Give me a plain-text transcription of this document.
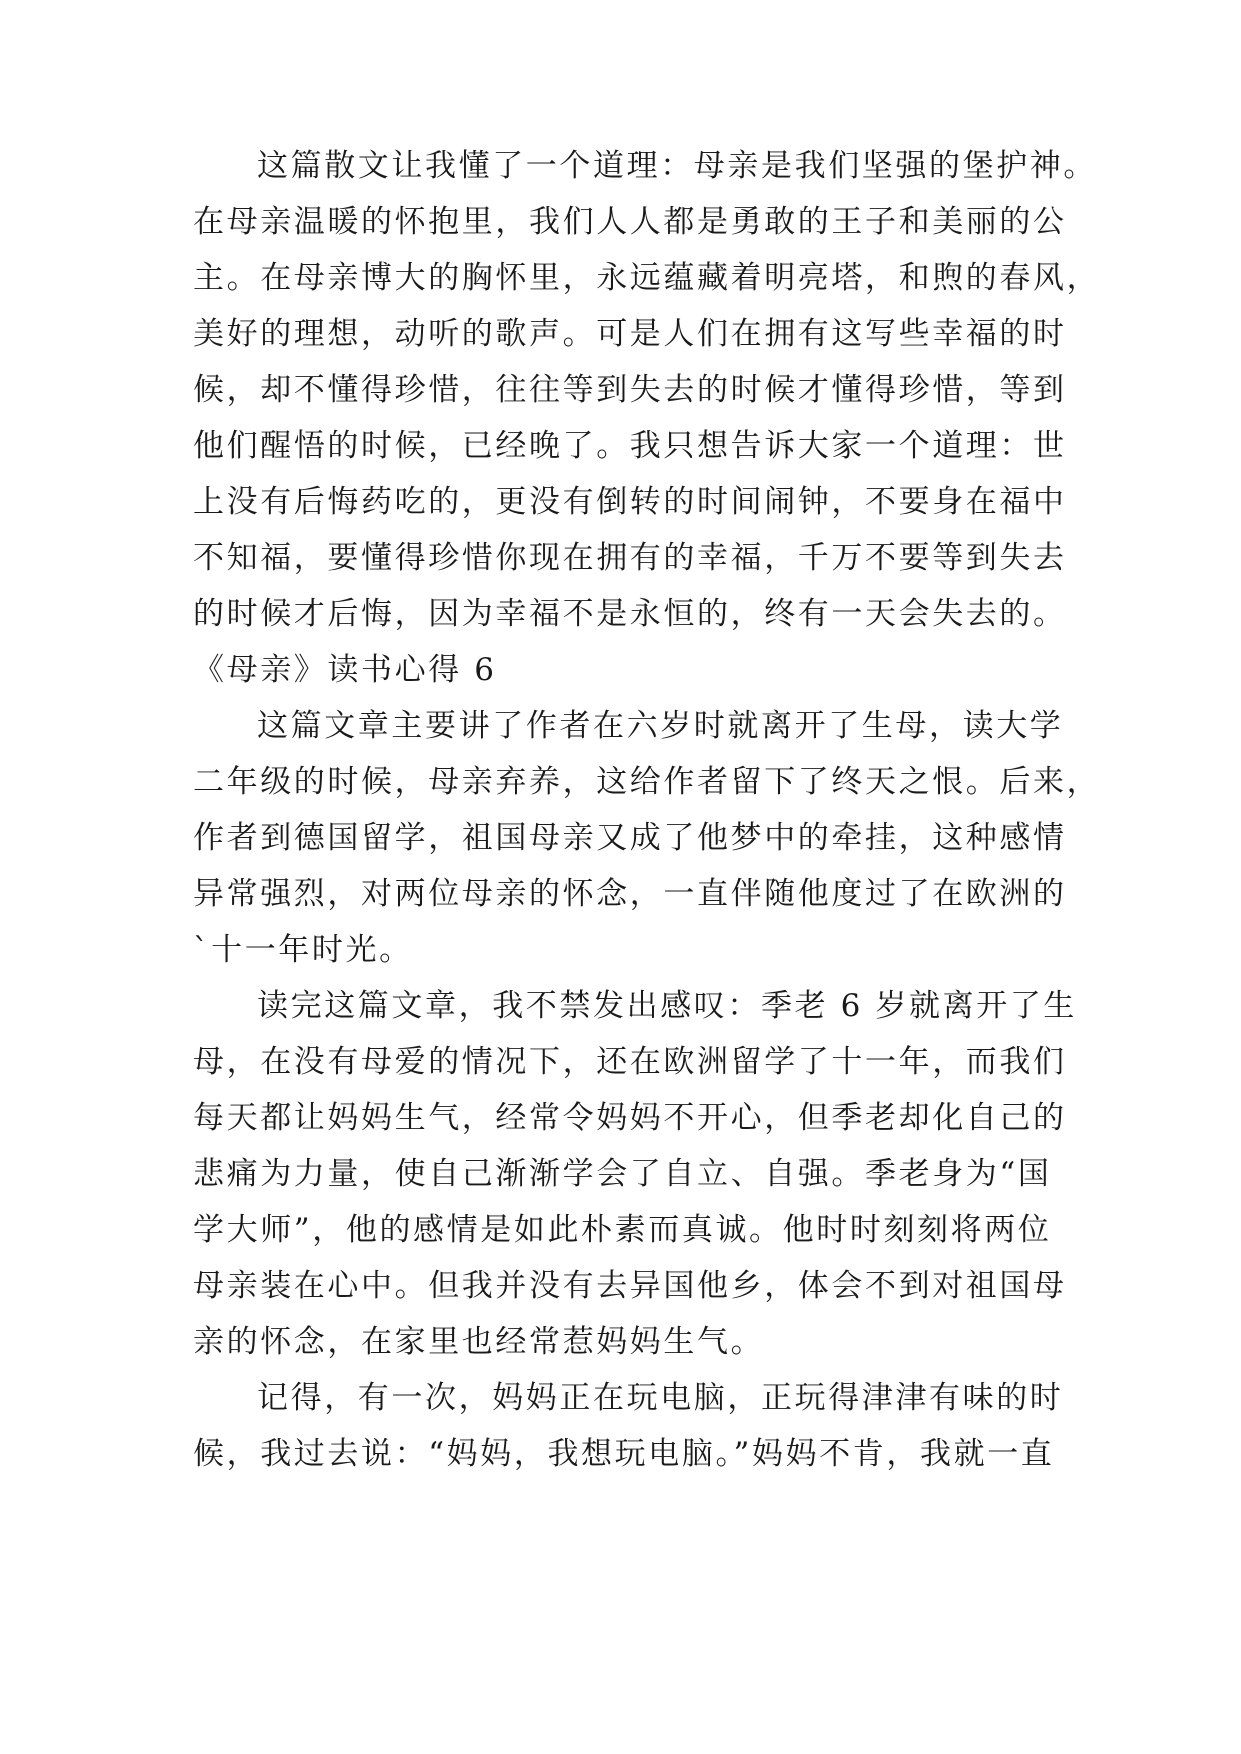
这篇散文让我懂了一个道理：母亲是我们坚强的堡护神。
在母亲温暖的怀抱里，我们人人都是勇敢的王子和美丽的公
主。在母亲博大的胸怀里，永远蕴藏着明亮塔，和煦的春风，
美好的理想，动听的歌声。可是人们在拥有这写些幸福的时
候，却不懂得珍惜，往往等到失去的时候才懂得珍惜，等到
他们醒悟的时候，已经晚了。我只想告诉大家一个道理：世
上没有后悔药吃的，更没有倒转的时间闹钟，不要身在福中
不知福，要懂得珍惜你现在拥有的幸福，千万不要等到失去
的时候才后悔，因为幸福不是永恒的，终有一天会失去的。
《母亲》读书心得 6
这篇文章主要讲了作者在六岁时就离开了生母，读大学
二年级的时候，母亲弃养，这给作者留下了终天之恨。后来，
作者到德国留学，祖国母亲又成了他梦中的牵挂，这种感情
异常强烈，对两位母亲的怀念，一直伴随他度过了在欧洲的
`十一年时光。
读完这篇文章，我不禁发出感叹：季老 6 岁就离开了生
母，在没有母爱的情况下，还在欧洲留学了十一年，而我们
每天都让妈妈生气，经常令妈妈不开心，但季老却化自己的
悲痛为力量，使自己渐渐学会了自立、自强。季老身为“国
学大师”，他的感情是如此朴素而真诚。他时时刻刻将两位
母亲装在心中。但我并没有去异国他乡，体会不到对祖国母
亲的怀念，在家里也经常惹妈妈生气。
记得，有一次，妈妈正在玩电脑，正玩得津津有味的时
候，我过去说：“妈妈，我想玩电脑。”妈妈不肯，我就一直
